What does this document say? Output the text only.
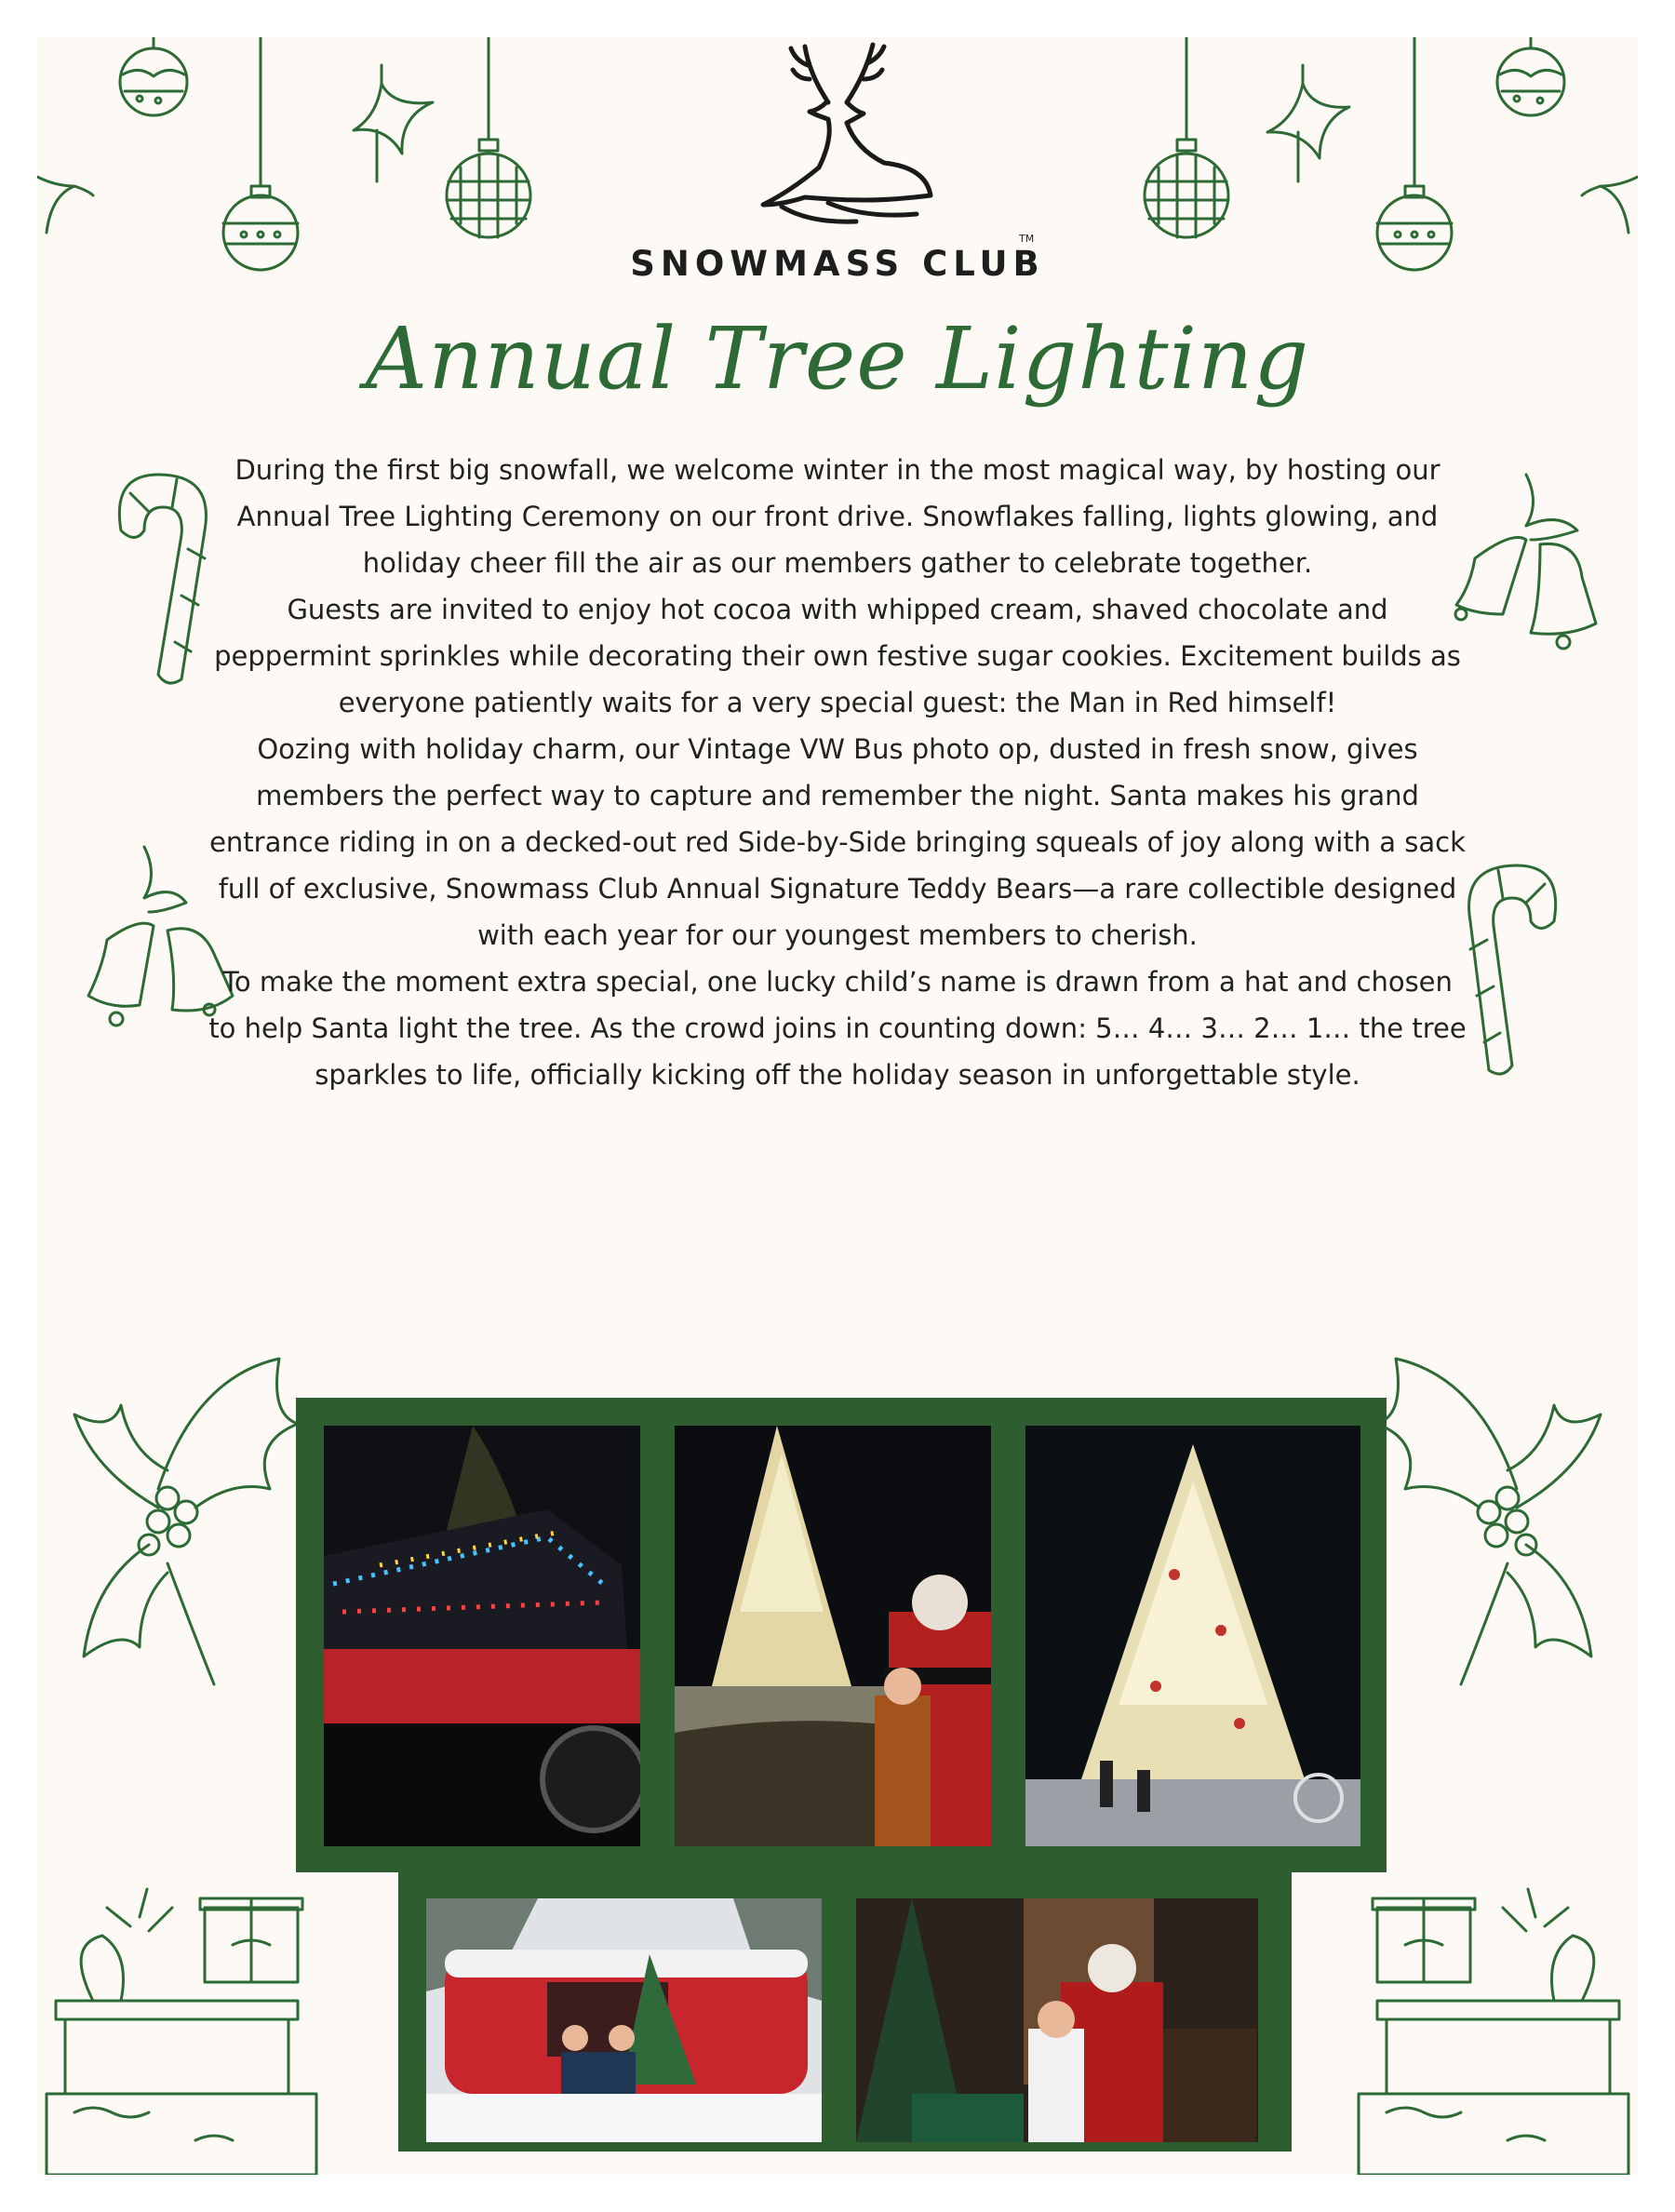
SNOWMASS CLUB
TM
Annual Tree Lighting

During the first big snowfall, we welcome winter in the most magical way, by hosting our Annual Tree Lighting Ceremony on our front drive. Snowflakes falling, lights glowing, and holiday cheer fill the air as our members gather to celebrate together.

Guests are invited to enjoy hot cocoa with whipped cream, shaved chocolate and peppermint sprinkles while decorating their own festive sugar cookies. Excitement builds as everyone patiently waits for a very special guest: the Man in Red himself!

Oozing with holiday charm, our Vintage VW Bus photo op, dusted in fresh snow, gives members the perfect way to capture and remember the night. Santa makes his grand entrance riding in on a decked-out red Side-by-Side bringing squeals of joy along with a sack full of exclusive, Snowmass Club Annual Signature Teddy Bears—a rare collectible designed with each year for our youngest members to cherish.

To make the moment extra special, one lucky child’s name is drawn from a hat and chosen to help Santa light the tree. As the crowd joins in counting down: 5… 4… 3… 2… 1… the tree sparkles to life, officially kicking off the holiday season in unforgettable style.
